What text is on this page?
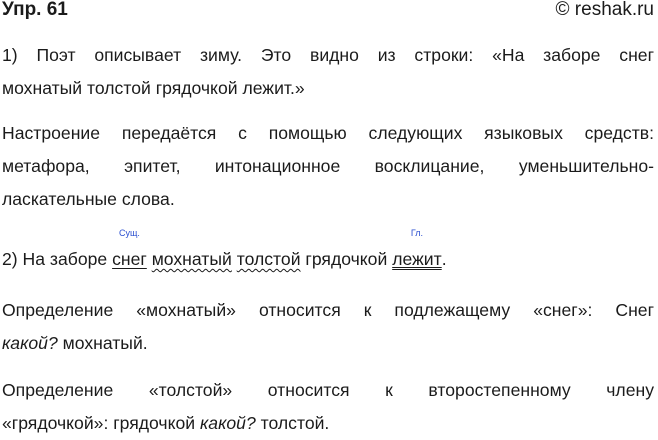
Упр. 61	© reshak.ru
1) Поэт описывает зиму. Это видно из строки: «На заборе снег
мохнатый толстой грядочкой лежит.»
Настроение передаётся с помощью следующих языковых средств:
метафора, эпитет, интонационное восклицание, уменьшительно-
ласкательные слова.
2) На заборе
Сущ.
снег мохнатый толстой грядочкой
Гл.
лежит.
Определение «мохнатый» относится к подлежащему «снег»: Снег
какой? мохнатый.
Определение «толстой» относится к второстепенному члену
«грядочкой»: грядочкой какой? толстой.
